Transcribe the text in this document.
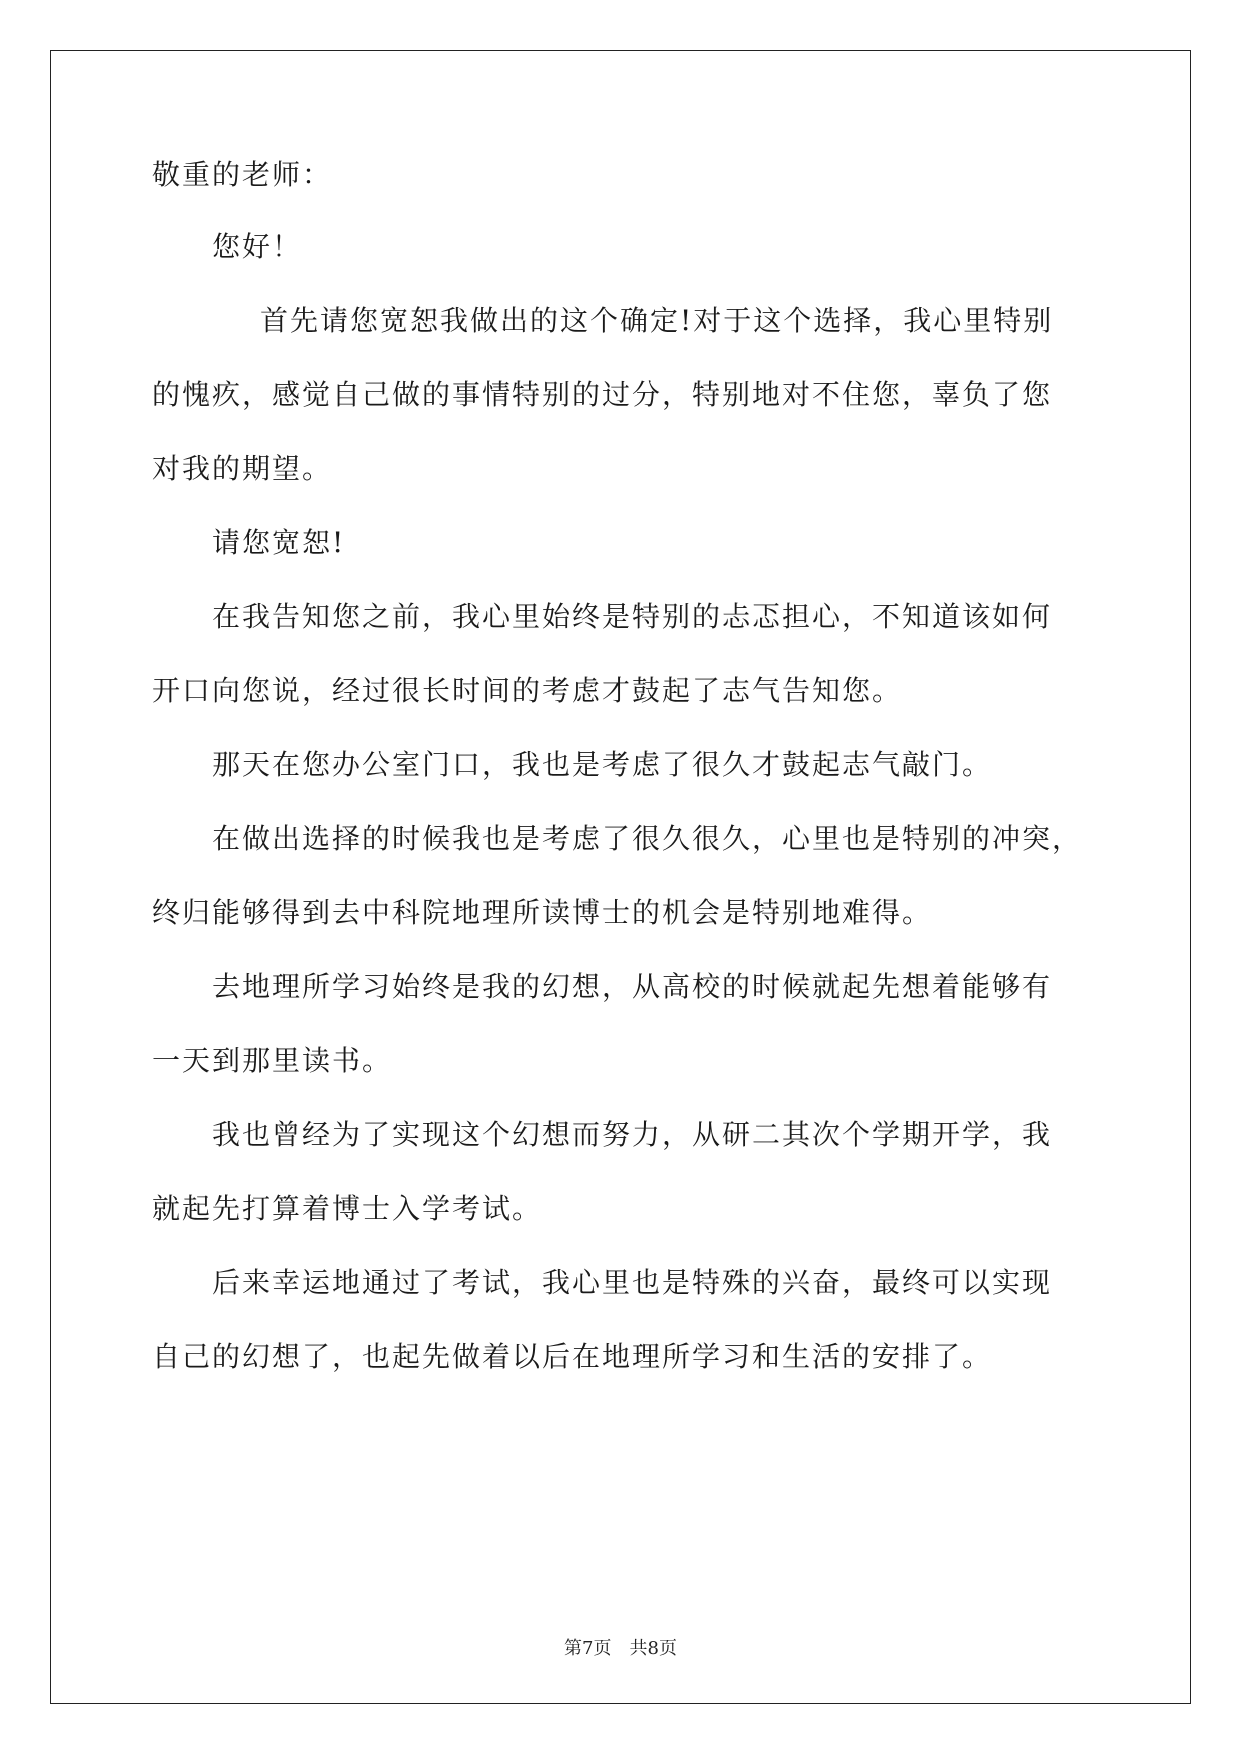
敬重的老师：
您好！
首先请您宽恕我做出的这个确定!对于这个选择，我心里特别
的愧疚，感觉自己做的事情特别的过分，特别地对不住您，辜负了您
对我的期望。
请您宽恕!
在我告知您之前，我心里始终是特别的忐忑担心，不知道该如何
开口向您说，经过很长时间的考虑才鼓起了志气告知您。
那天在您办公室门口，我也是考虑了很久才鼓起志气敲门。
在做出选择的时候我也是考虑了很久很久，心里也是特别的冲突，
终归能够得到去中科院地理所读博士的机会是特别地难得。
去地理所学习始终是我的幻想，从高校的时候就起先想着能够有
一天到那里读书。
我也曾经为了实现这个幻想而努力，从研二其次个学期开学，我
就起先打算着博士入学考试。
后来幸运地通过了考试，我心里也是特殊的兴奋，最终可以实现
自己的幻想了，也起先做着以后在地理所学习和生活的安排了。
第7页 共8页
